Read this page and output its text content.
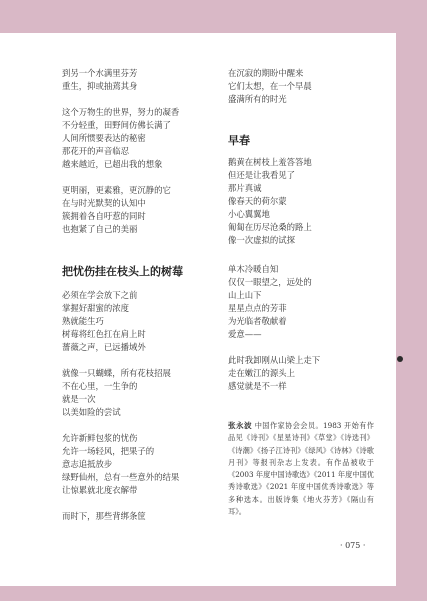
到另一个水满里芬芳
重生，抑或抽蔫其身
这个万物生的世界，努力的凝香
不分轻重，田野间仿佛长满了
人间所惯要表达的秘密
那花开的声音临忍
越来越近，已超出我的想象
更明丽，更素雅，更沉静的它
在与时光默契的认知中
簇拥着各自吁惹的同时
也抱紧了自己的美丽
把忧伤挂在枝头上的树莓
必须在学会放下之前
掌握好甜蜜的浓度
熟就能生巧
树莓将红色扛在肩上时
薔薇之声，已远播域外
就像一只蝴蝶，所有花枝招展
不在心里，一生争的
就是一次
以美如险的尝试
允许新鲜包浆的忧伤
允许一场轻风，把果子的
意志追抵放步
绿野仙州，总有一些意外的结果
让惊累就北度衣解带
而时下，那些背绑条筐
在沉寂的期盼中醒来
它们太想，在一个早晨
盛满所有的时光
早春
鹅黄在树枝上羞答答地
但还是让我看见了
那片真诚
像春天的荷尔蒙
小心翼翼地
匍匐在历尽沧桑的路上
像一次虚拟的试探
单木冷暖自知
仅仅一眼望之，远处的
山上山下
星星点点的芳菲
为光临者敬献着
爱意——
此时我卸刚从山梁上走下
走在嫩江的源头上
感觉就是不一样
张永波 中国作家协会会员。1983 开始有作品见《诗刊》《星星诗刊》《草堂》《诗选刊》《诗潮》《扬子江诗刊》《绿风》《诗林》《诗歌月刊》等报刊杂志上发表。有作品被收于《2003 年度中国诗歌选》《2011 年度中国优秀诗歌选》《2021 年度中国优秀诗歌选》等多种选本。出版诗集《地火芬芳》《隔山有耳》。
· 075 ·
